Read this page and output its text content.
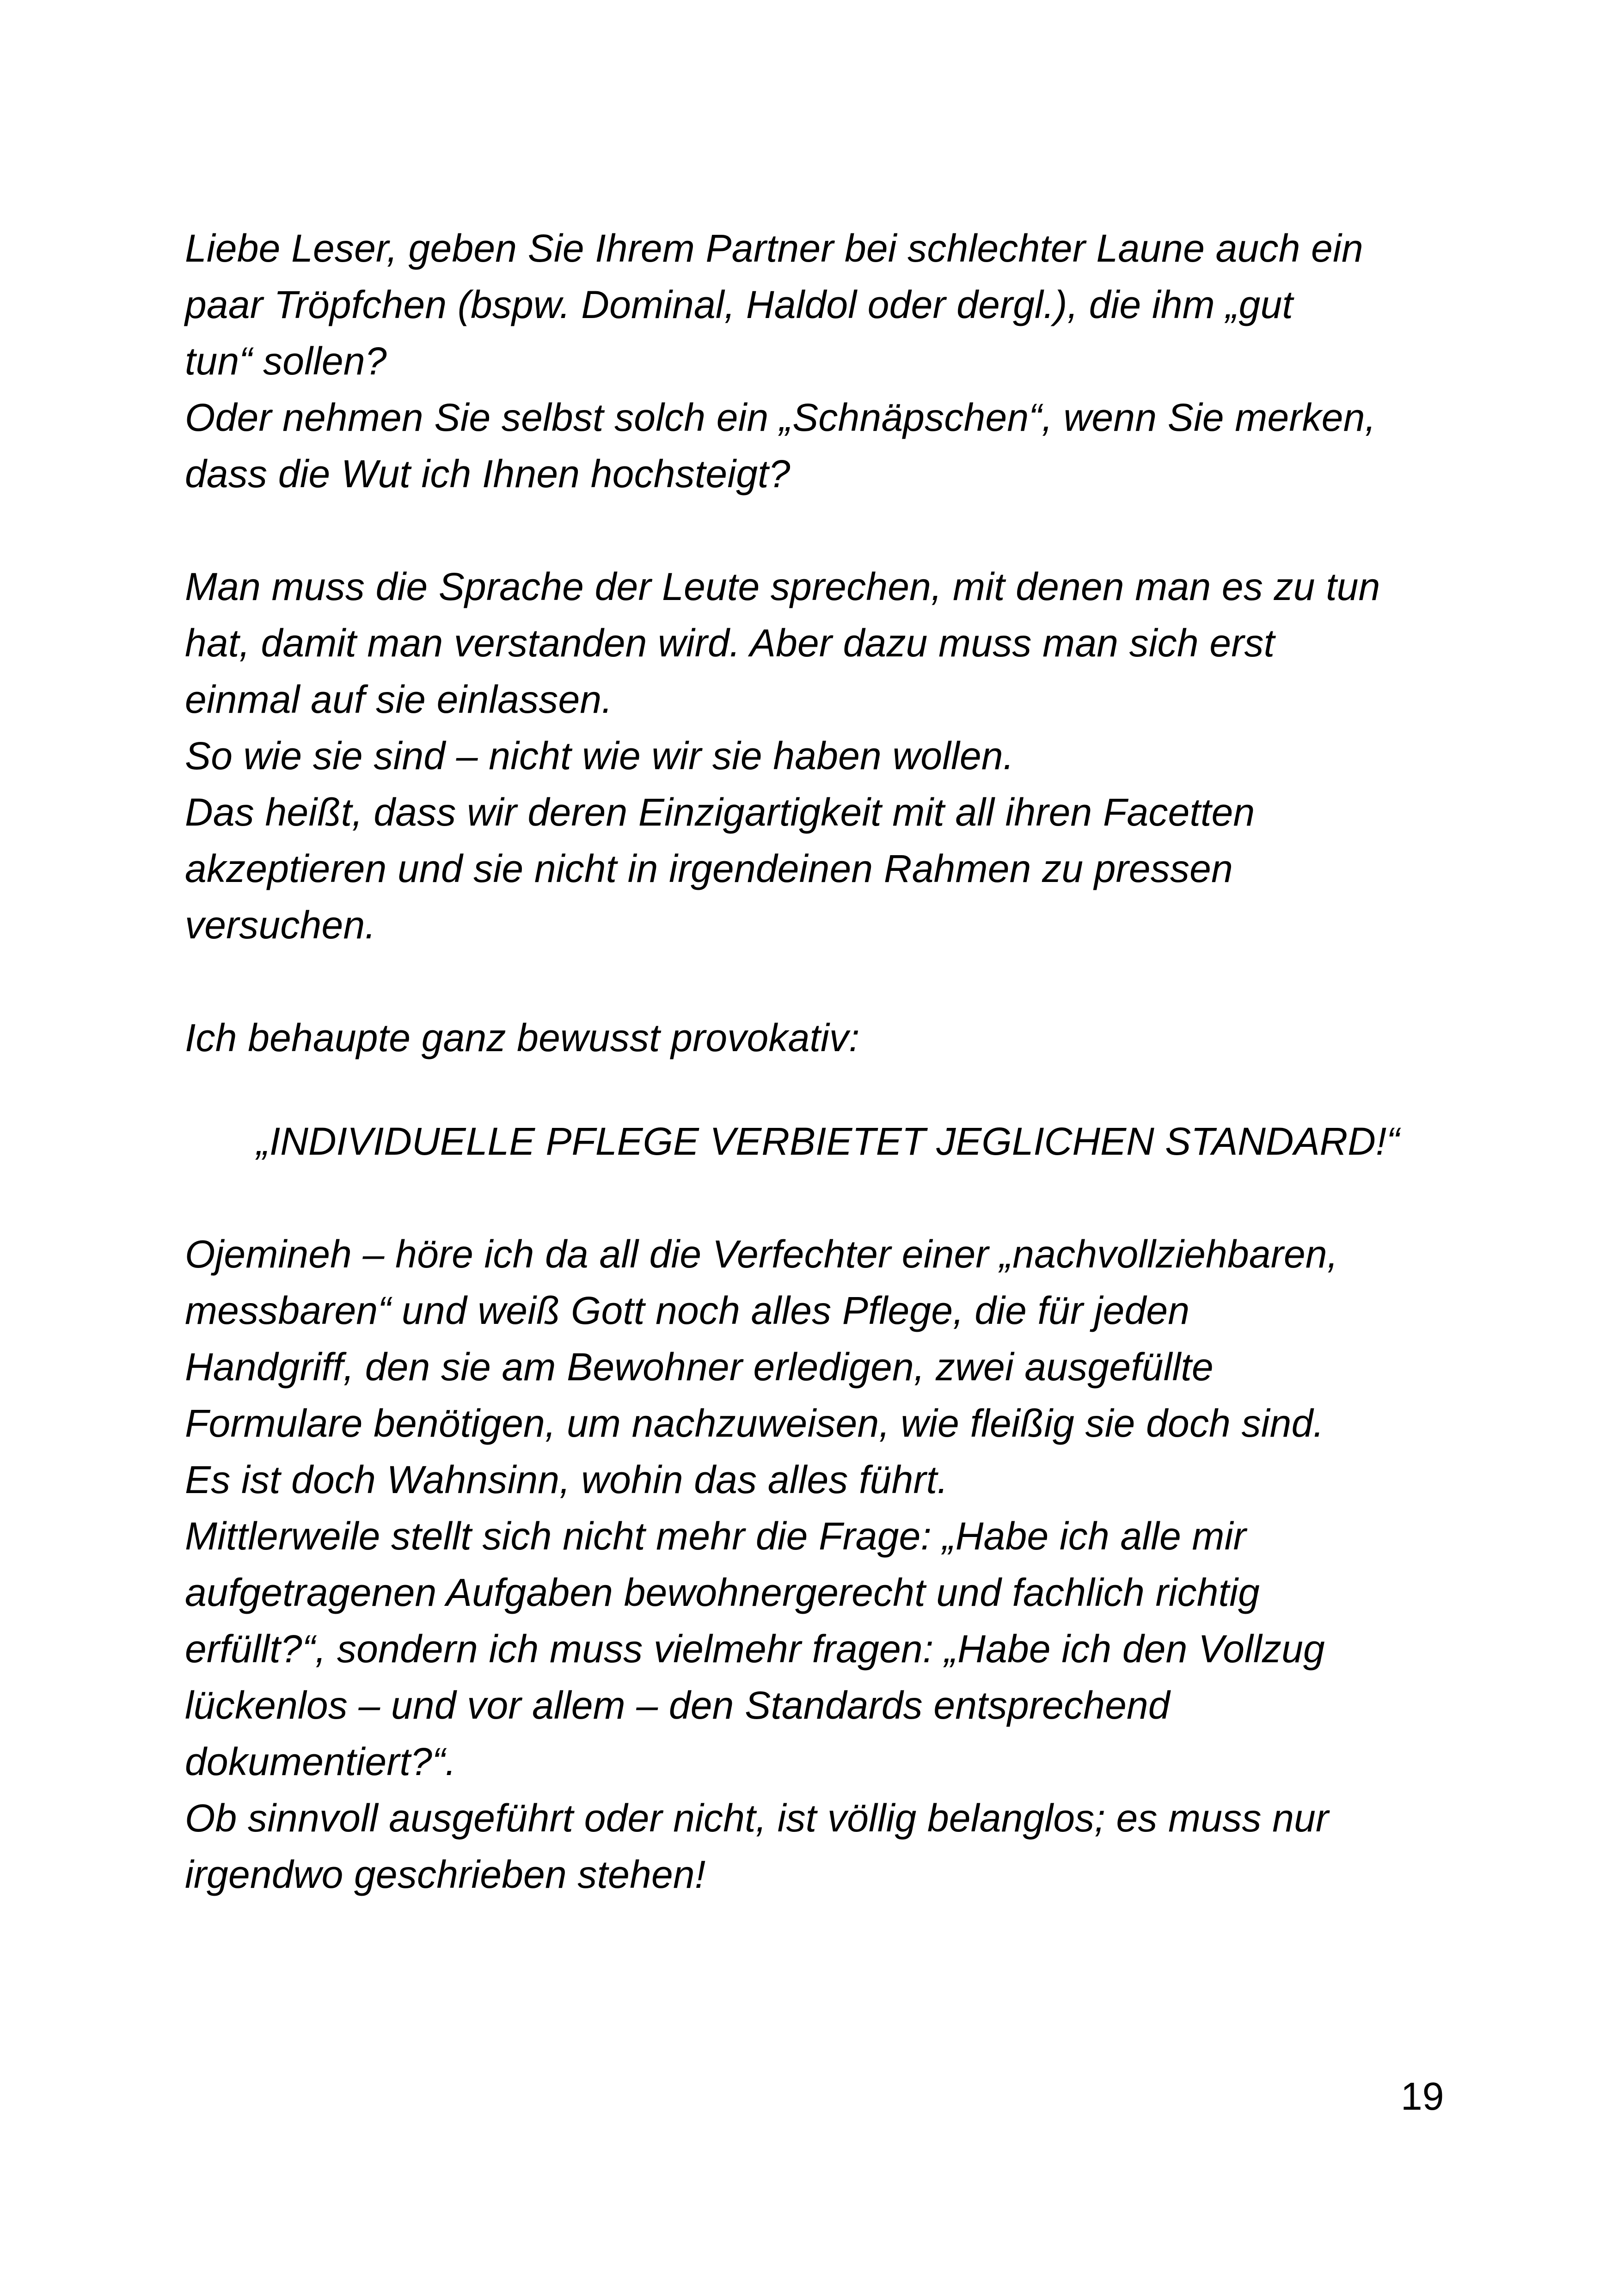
Liebe Leser, geben Sie Ihrem Partner bei schlechter Laune auch ein
paar Tröpfchen (bspw. Dominal, Haldol oder dergl.), die ihm „gut
tun“ sollen?
Oder nehmen Sie selbst solch ein „Schnäpschen“, wenn Sie merken,
dass die Wut ich Ihnen hochsteigt?
Man muss die Sprache der Leute sprechen, mit denen man es zu tun
hat, damit man verstanden wird. Aber dazu muss man sich erst
einmal auf sie einlassen.
So wie sie sind – nicht wie wir sie haben wollen.
Das heißt, dass wir deren Einzigartigkeit mit all ihren Facetten
akzeptieren und sie nicht in irgendeinen Rahmen zu pressen
versuchen.
Ich behaupte ganz bewusst provokativ:
„INDIVIDUELLE PFLEGE VERBIETET JEGLICHEN STANDARD!“
Ojemineh – höre ich da all die Verfechter einer „nachvollziehbaren,
messbaren“ und weiß Gott noch alles Pflege, die für jeden
Handgriff, den sie am Bewohner erledigen, zwei ausgefüllte
Formulare benötigen, um nachzuweisen, wie fleißig sie doch sind.
Es ist doch Wahnsinn, wohin das alles führt.
Mittlerweile stellt sich nicht mehr die Frage: „Habe ich alle mir
aufgetragenen Aufgaben bewohnergerecht und fachlich richtig
erfüllt?“, sondern ich muss vielmehr fragen: „Habe ich den Vollzug
lückenlos – und vor allem – den Standards entsprechend
dokumentiert?“.
Ob sinnvoll ausgeführt oder nicht, ist völlig belanglos; es muss nur
irgendwo geschrieben stehen!
19
